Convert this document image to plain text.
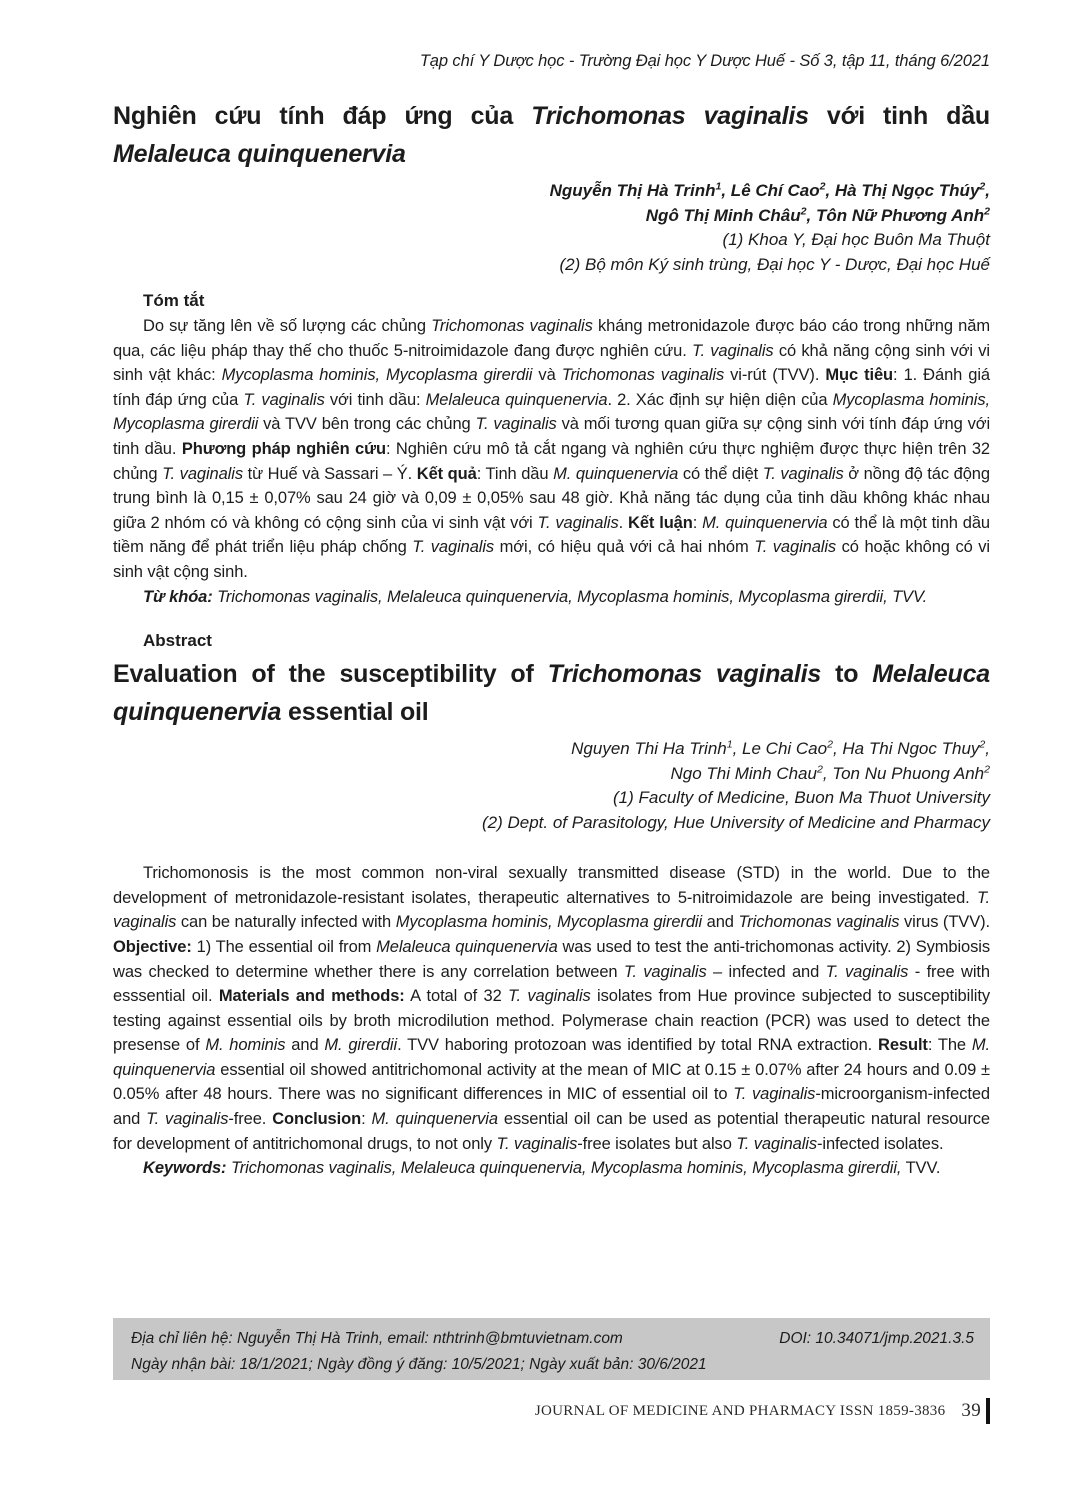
Tạp chí Y Dược học - Trường Đại học Y Dược Huế - Số 3, tập 11, tháng 6/2021
Nghiên cứu tính đáp ứng của Trichomonas vaginalis với tinh dầu
Melaleuca quinquenervia
Nguyễn Thị Hà Trinh$^1$, Lê Chí Cao$^2$, Hà Thị Ngọc Thúy$^2$,
Ngô Thị Minh Châu$^2$, Tôn Nữ Phương Anh$^2$
(1) Khoa Y, Đại học Buôn Ma Thuột
(2) Bộ môn Ký sinh trùng, Đại học Y - Dược, Đại học Huế
Tóm tắt

Do sự tăng lên về số lượng các chủng Trichomonas vaginalis kháng metronidazole được báo cáo trong những năm qua, các liệu pháp thay thế cho thuốc 5-nitroimidazole đang được nghiên cứu. T. vaginalis có khả năng cộng sinh với vi sinh vật khác: Mycoplasma hominis, Mycoplasma girerdii và Trichomonas vaginalis vi-rút (TVV). Mục tiêu: 1. Đánh giá tính đáp ứng của T. vaginalis với tinh dầu: Melaleuca quinquenervia. 2. Xác định sự hiện diện của Mycoplasma hominis, Mycoplasma girerdii và TVV bên trong các chủng T. vaginalis và mối tương quan giữa sự cộng sinh với tính đáp ứng với tinh dầu. Phương pháp nghiên cứu: Nghiên cứu mô tả cắt ngang và nghiên cứu thực nghiệm được thực hiện trên 32 chủng T. vaginalis từ Huế và Sassari – Ý. Kết quả: Tinh dầu M. quinquenervia có thể diệt T. vaginalis ở nồng độ tác động trung bình là 0,15 ± 0,07% sau 24 giờ và 0,09 ± 0,05% sau 48 giờ. Khả năng tác dụng của tinh dầu không khác nhau giữa 2 nhóm có và không có cộng sinh của vi sinh vật với T. vaginalis. Kết luận: M. quinquenervia có thể là một tinh dầu tiềm năng để phát triển liệu pháp chống T. vaginalis mới, có hiệu quả với cả hai nhóm T. vaginalis có hoặc không có vi sinh vật cộng sinh.

Từ khóa: Trichomonas vaginalis, Melaleuca quinquenervia, Mycoplasma hominis, Mycoplasma girerdii, TVV.

Abstract
Evaluation of the susceptibility of Trichomonas vaginalis to Melaleuca
quinquenervia essential oil
Nguyen Thi Ha Trinh$^1$, Le Chi Cao$^2$, Ha Thi Ngoc Thuy$^2$,
Ngo Thi Minh Chau$^2$, Ton Nu Phuong Anh$^2$
(1) Faculty of Medicine, Buon Ma Thuot University
(2) Dept. of Parasitology, Hue University of Medicine and Pharmacy

Trichomonosis is the most common non-viral sexually transmitted disease (STD) in the world. Due to the development of metronidazole-resistant isolates, therapeutic alternatives to 5-nitroimidazole are being investigated. T. vaginalis can be naturally infected with Mycoplasma hominis, Mycoplasma girerdii and Trichomonas vaginalis virus (TVV). Objective: 1) The essential oil from Melaleuca quinquenervia was used to test the anti-trichomonas activity. 2) Symbiosis was checked to determine whether there is any correlation between T. vaginalis – infected and T. vaginalis - free with esssential oil. Materials and methods: A total of 32 T. vaginalis isolates from Hue province subjected to susceptibility testing against essential oils by broth microdilution method. Polymerase chain reaction (PCR) was used to detect the presense of M. hominis and M. girerdii. TVV haboring protozoan was identified by total RNA extraction. Result: The M. quinquenervia essential oil showed antitrichomonal activity at the mean of MIC at 0.15 ± 0.07% after 24 hours and 0.09 ± 0.05% after 48 hours. There was no significant differences in MIC of essential oil to T. vaginalis-microorganism-infected and T. vaginalis-free. Conclusion: M. quinquenervia essential oil can be used as potential therapeutic natural resource for development of antitrichomonal drugs, to not only T. vaginalis-free isolates but also T. vaginalis-infected isolates.

Keywords: Trichomonas vaginalis, Melaleuca quinquenervia, Mycoplasma hominis, Mycoplasma girerdii, TVV.

Địa chỉ liên hệ: Nguyễn Thị Hà Trinh, email: nthtrinh@bmtuvietnam.com	DOI: 10.34071/jmp.2021.3.5
Ngày nhận bài: 18/1/2021; Ngày đồng ý đăng: 10/5/2021; Ngày xuất bản: 30/6/2021
JOURNAL OF MEDICINE AND PHARMACY ISSN 1859-3836 39
